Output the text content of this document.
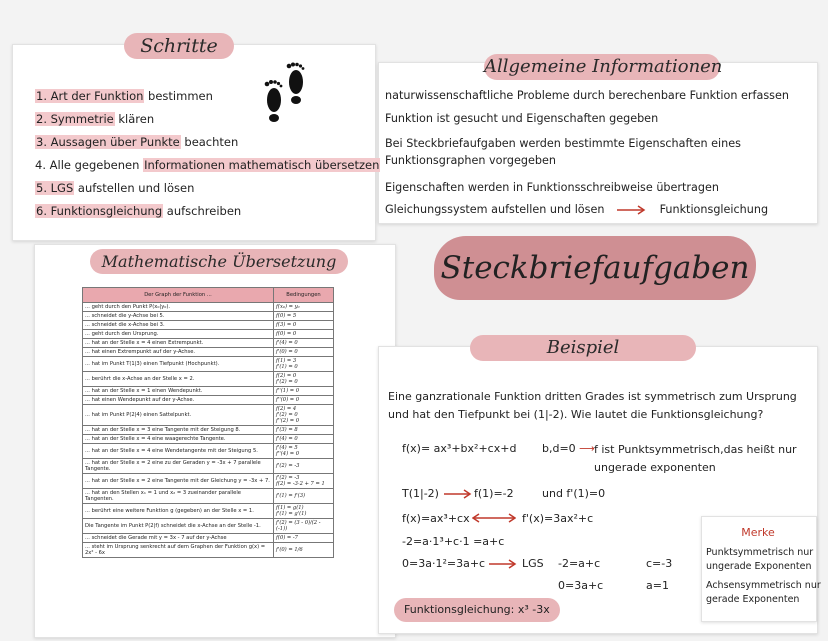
Schritte
1. Art der Funktion bestimmen
2. Symmetrie klären
3. Aussagen über Punkte beachten
4. Alle gegebenen Informationen mathematisch übersetzen
5. LGS aufstellen und lösen
6. Funktionsgleichung aufschreiben
Allgemeine Informationen
naturwissenschaftliche Probleme durch berechenbare Funktion erfassen
Funktion ist gesucht und Eigenschaften gegeben
Bei Steckbriefaufgaben werden bestimmte Eigenschaften eines
Funktionsgraphen vorgegeben
Eigenschaften werden in Funktionsschreibweise übertragen
Gleichungssystem aufstellen und lösen	Funktionsgleichung
Steckbriefaufgaben
Mathematische Übersetzung
Der Graph der Funktion ...	Bedingungen
... geht durch den Punkt P(x₀|y₀).	f(x₀) = y₀
... schneidet die y-Achse bei 5.	f(0) = 5
... schneidet die x-Achse bei 3.	f(3) = 0
... geht durch den Ursprung.	f(0) = 0
... hat an der Stelle x = 4 einen Extrempunkt.	f'(4) = 0
... hat einen Extrempunkt auf der y-Achse.	f'(0) = 0
... hat im Punkt T(1|3) einen Tiefpunkt (Hochpunkt).	f(1) = 3
f'(1) = 0
... berührt die x-Achse an der Stelle x = 2.	f(2) = 0
f'(2) = 0
... hat an der Stelle x = 1 einen Wendepunkt.	f''(1) = 0
... hat einen Wendepunkt auf der y-Achse.	f''(0) = 0
... hat im Punkt P(2|4) einen Sattelpunkt.	f(2) = 4
f'(2) = 0
f''(2) = 0
... hat an der Stelle x = 3 eine Tangente mit der Steigung 8.	f'(3) = 8
... hat an der Stelle x = 4 eine waagerechte Tangente.	f'(4) = 0
... hat an der Stelle x = 4 eine Wendetangente mit der Steigung 5.	f'(4) = 5
f''(4) = 0
... hat an der Stelle x = 2 eine zu der Geraden y = -3x + 7 parallele Tangente.	f'(2) = -3
... hat an der Stelle x = 2 eine Tangente mit der Gleichung y = -3x + 7.	f'(2) = -3
f(2) = -3·2 + 7 = 1
... hat an den Stellen x₁ = 1 und x₂ = 3 zueinander parallele Tangenten.	f'(1) = f'(3)
... berührt eine weitere Funktion g (gegeben) an der Stelle x = 1.	f(1) = g(1)
f'(1) = g'(1)
Die Tangente im Punkt P(2|f) schneidet die x-Achse an der Stelle -1.	f'(2) = (3 - 0)/(2 - (-1))
... schneidet die Gerade mit y = 3x - 7 auf der y-Achse	f(0) = -7
... steht im Ursprung senkrecht auf dem Graphen der Funktion g(x) = 2x² - 6x	f'(0) = 1/6
Beispiel
Eine ganzrationale Funktion dritten Grades ist symmetrisch zum Ursprung
und hat den Tiefpunkt bei (1|-2). Wie lautet die Funktionsgleichung?
f(x)= ax³+bx²+cx+d b,d=0 ⟶ f ist Punktsymmetrisch,das heißt nur
ungerade exponenten
T(1|-2)	f(1)=-2	und f'(1)=0
f(x)=ax³+cx	f'(x)=3ax²+c
-2=a·1³+c·1 =a+c
0=3a·1²=3a+c	LGS -2=a+c
0=3a+c
c=-3
a=1
Funktionsgleichung: x³ -3x
Merke
Punktsymmetrisch nur
ungerade Exponenten
Achsensymmetrisch nur
gerade Exponenten
